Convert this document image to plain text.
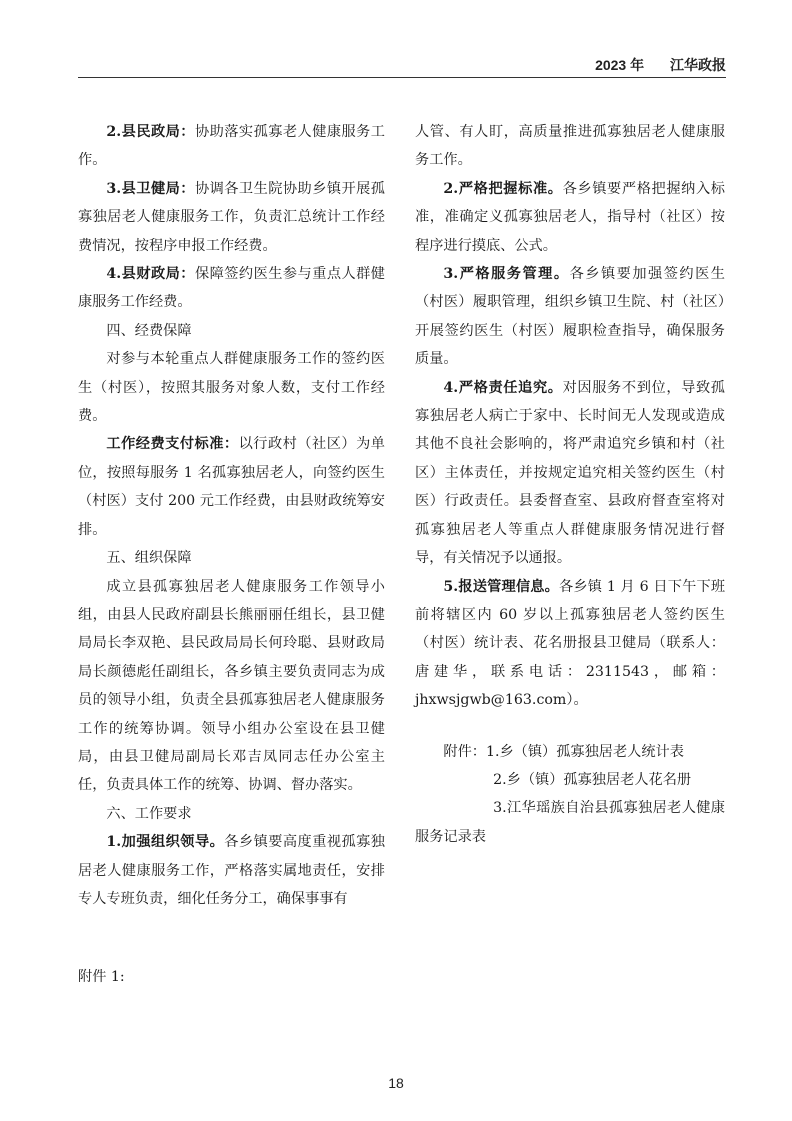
2023 年 江华政报

2.县民政局：协助落实孤寡老人健康服务工作。

3.县卫健局：协调各卫生院协助乡镇开展孤寡独居老人健康服务工作，负责汇总统计工作经费情况，按程序申报工作经费。

4.县财政局：保障签约医生参与重点人群健康服务工作经费。

四、经费保障

对参与本轮重点人群健康服务工作的签约医生（村医），按照其服务对象人数，支付工作经费。

工作经费支付标准：以行政村（社区）为单位，按照每服务 1 名孤寡独居老人，向签约医生（村医）支付 200 元工作经费，由县财政统筹安排。

五、组织保障

成立县孤寡独居老人健康服务工作领导小组，由县人民政府副县长熊丽丽任组长，县卫健局局长李双艳、县民政局局长何玲聪、县财政局局长颜德彪任副组长，各乡镇主要负责同志为成员的领导小组，负责全县孤寡独居老人健康服务工作的统筹协调。领导小组办公室设在县卫健局，由县卫健局副局长邓吉凤同志任办公室主任，负责具体工作的统筹、协调、督办落实。

六、工作要求

1.加强组织领导。各乡镇要高度重视孤寡独居老人健康服务工作，严格落实属地责任，安排专人专班负责，细化任务分工，确保事事有

人管、有人盯，高质量推进孤寡独居老人健康服务工作。

2.严格把握标准。各乡镇要严格把握纳入标准，准确定义孤寡独居老人，指导村（社区）按程序进行摸底、公式。

3.严格服务管理。各乡镇要加强签约医生（村医）履职管理，组织乡镇卫生院、村（社区）开展签约医生（村医）履职检查指导，确保服务质量。

4.严格责任追究。对因服务不到位，导致孤寡独居老人病亡于家中、长时间无人发现或造成其他不良社会影响的，将严肃追究乡镇和村（社区）主体责任，并按规定追究相关签约医生（村医）行政责任。县委督查室、县政府督查室将对孤寡独居老人等重点人群健康服务情况进行督导，有关情况予以通报。

5.报送管理信息。各乡镇 1 月 6 日下午下班前将辖区内 60 岁以上孤寡独居老人签约医生（村医）统计表、花名册报县卫健局（联系人：唐建华，联系电话：2311543，邮箱：jhxwsjgwb@163.com）。

附件：1.乡（镇）孤寡独居老人统计表

2.乡（镇）孤寡独居老人花名册

3.江华瑶族自治县孤寡独居老人健康服务记录表

附件 1:
18
